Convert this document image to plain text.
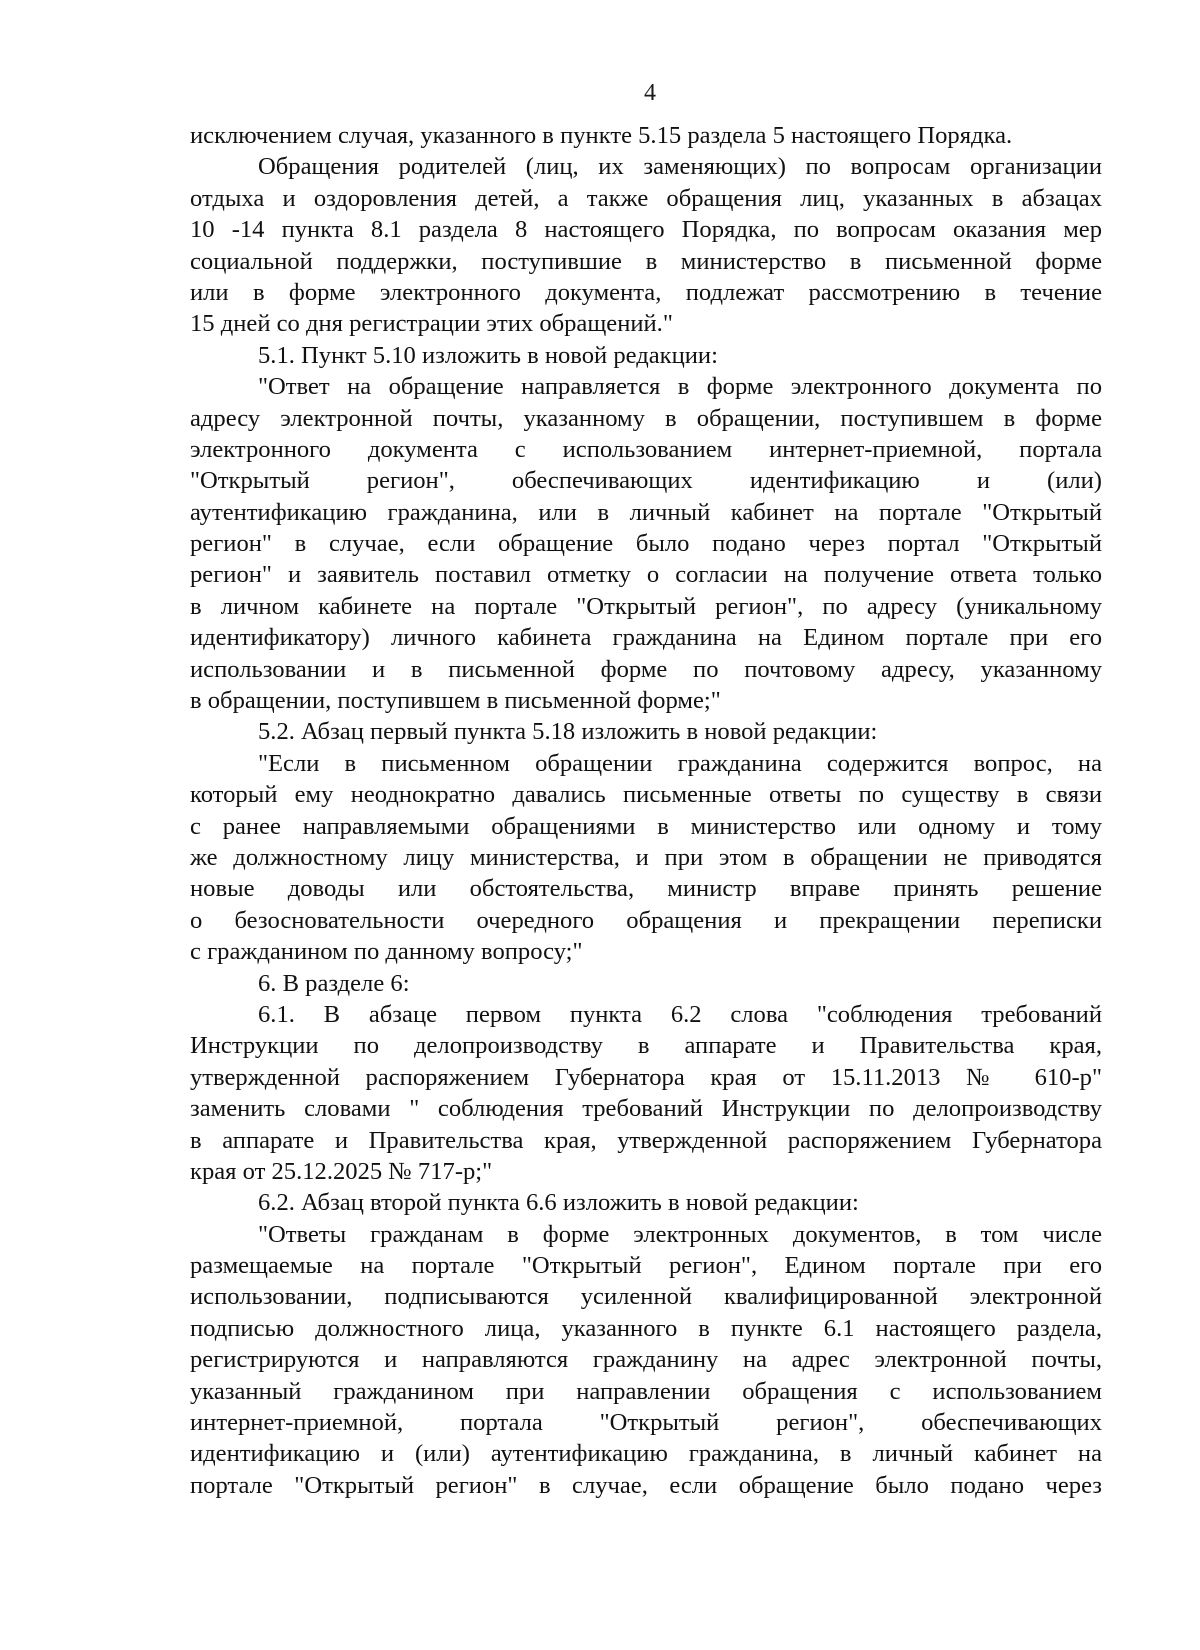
4
исключением случая, указанного в пункте 5.15 раздела 5 настоящего Порядка.
Обращения родителей (лиц, их заменяющих) по вопросам организации
отдыха и оздоровления детей, а также обращения лиц, указанных в абзацах
10 -14 пункта 8.1 раздела 8 настоящего Порядка, по вопросам оказания мер
социальной поддержки, поступившие в министерство в письменной форме
или в форме электронного документа, подлежат рассмотрению в течение
15 дней со дня регистрации этих обращений."
5.1. Пункт 5.10 изложить в новой редакции:
"Ответ на обращение направляется в форме электронного документа по
адресу электронной почты, указанному в обращении, поступившем в форме
электронного документа с использованием интернет-приемной, портала
"Открытый регион", обеспечивающих идентификацию и (или)
аутентификацию гражданина, или в личный кабинет на портале "Открытый
регион" в случае, если обращение было подано через портал "Открытый
регион" и заявитель поставил отметку о согласии на получение ответа только
в личном кабинете на портале "Открытый регион", по адресу (уникальному
идентификатору) личного кабинета гражданина на Едином портале при его
использовании и в письменной форме по почтовому адресу, указанному
в обращении, поступившем в письменной форме;"
5.2. Абзац первый пункта 5.18 изложить в новой редакции:
"Если в письменном обращении гражданина содержится вопрос, на
который ему неоднократно давались письменные ответы по существу в связи
с ранее направляемыми обращениями в министерство или одному и тому
же должностному лицу министерства, и при этом в обращении не приводятся
новые доводы или обстоятельства, министр вправе принять решение
о безосновательности очередного обращения и прекращении переписки
с гражданином по данному вопросу;"
6. В разделе 6:
6.1. В абзаце первом пункта 6.2 слова "соблюдения требований
Инструкции по делопроизводству в аппарате и Правительства края,
утвержденной распоряжением Губернатора края от 15.11.2013 № 610-р"
заменить словами " соблюдения требований Инструкции по делопроизводству
в аппарате и Правительства края, утвержденной распоряжением Губернатора
края от 25.12.2025 № 717-р;"
6.2. Абзац второй пункта 6.6 изложить в новой редакции:
"Ответы гражданам в форме электронных документов, в том числе
размещаемые на портале "Открытый регион", Едином портале при его
использовании, подписываются усиленной квалифицированной электронной
подписью должностного лица, указанного в пункте 6.1 настоящего раздела,
регистрируются и направляются гражданину на адрес электронной почты,
указанный гражданином при направлении обращения с использованием
интернет-приемной, портала "Открытый регион", обеспечивающих
идентификацию и (или) аутентификацию гражданина, в личный кабинет на
портале "Открытый регион" в случае, если обращение было подано через
